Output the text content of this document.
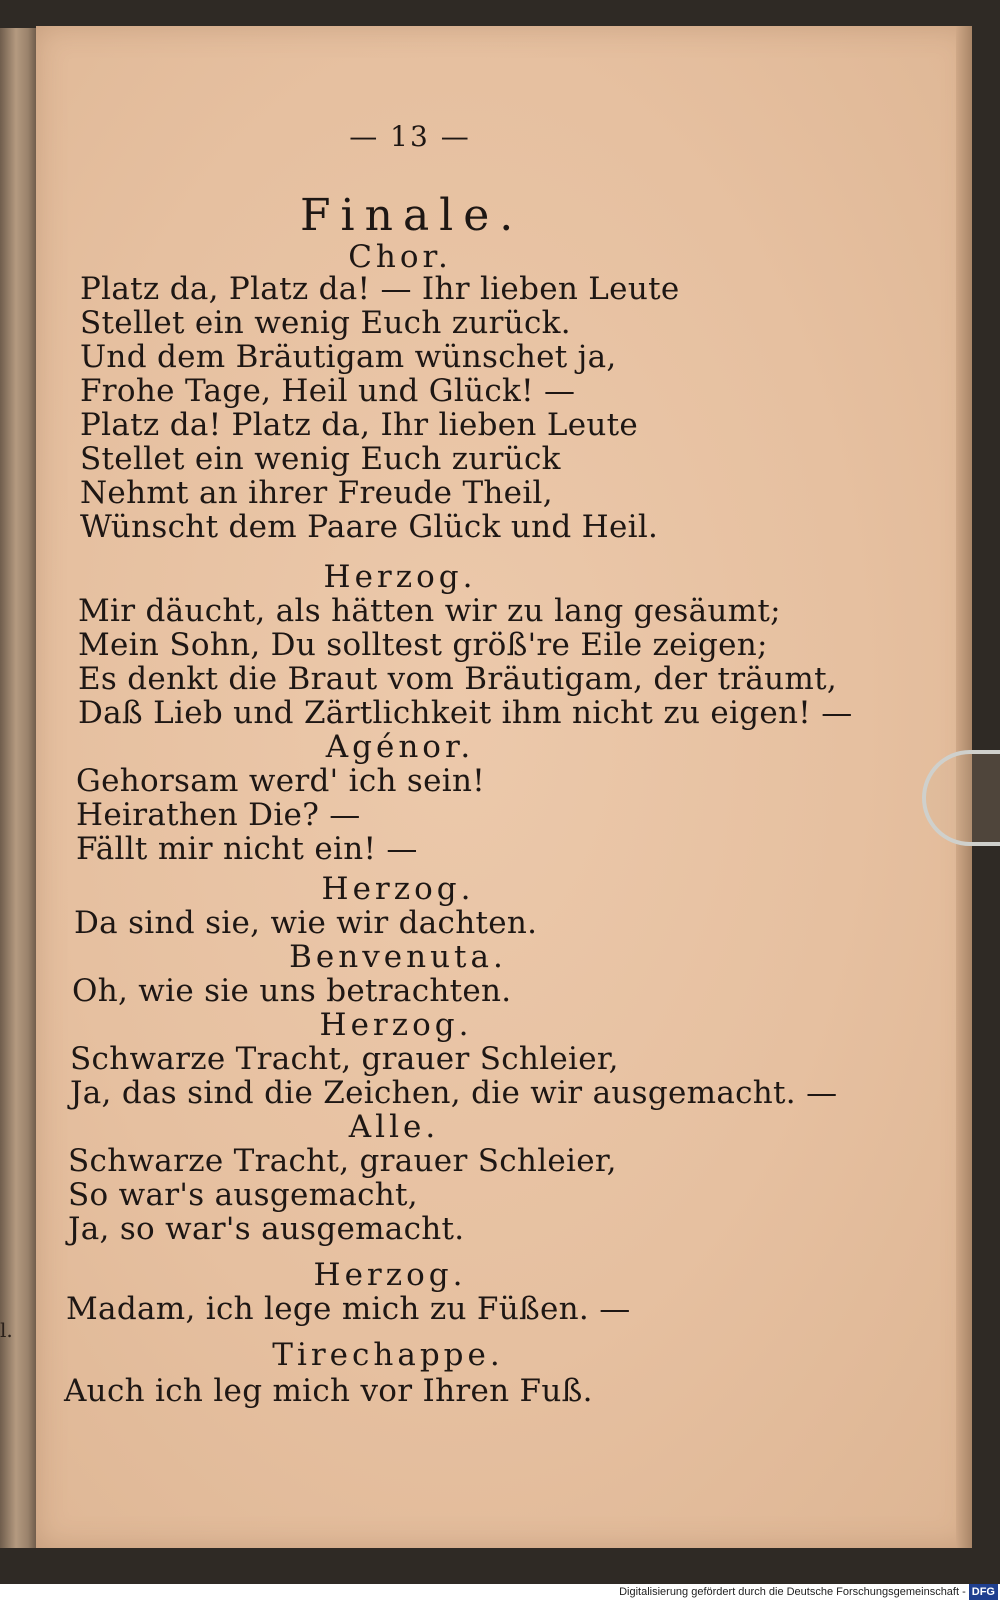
l.
— 13 —
Finale.
Chor.
Platz da, Platz da! — Ihr lieben Leute
Stellet ein wenig Euch zurück.
Und dem Bräutigam wünschet ja,
Frohe Tage, Heil und Glück! —
Platz da! Platz da, Ihr lieben Leute
Stellet ein wenig Euch zurück
Nehmt an ihrer Freude Theil,
Wünscht dem Paare Glück und Heil.
Herzog.
Mir däucht, als hätten wir zu lang gesäumt;
Mein Sohn, Du solltest größ're Eile zeigen;
Es denkt die Braut vom Bräutigam, der träumt,
Daß Lieb und Zärtlichkeit ihm nicht zu eigen! —
Agénor.
Gehorsam werd' ich sein!
Heirathen Die? —
Fällt mir nicht ein! —
Herzog.
Da sind sie, wie wir dachten.
Benvenuta.
Oh, wie sie uns betrachten.
Herzog.
Schwarze Tracht, grauer Schleier,
Ja, das sind die Zeichen, die wir ausgemacht. —
Alle.
Schwarze Tracht, grauer Schleier,
So war's ausgemacht,
Ja, so war's ausgemacht.
Herzog.
Madam, ich lege mich zu Füßen. —
Tirechappe.
Auch ich leg mich vor Ihren Fuß.
Digitalisierung gefördert durch die Deutsche Forschungsgemeinschaft - DFG
